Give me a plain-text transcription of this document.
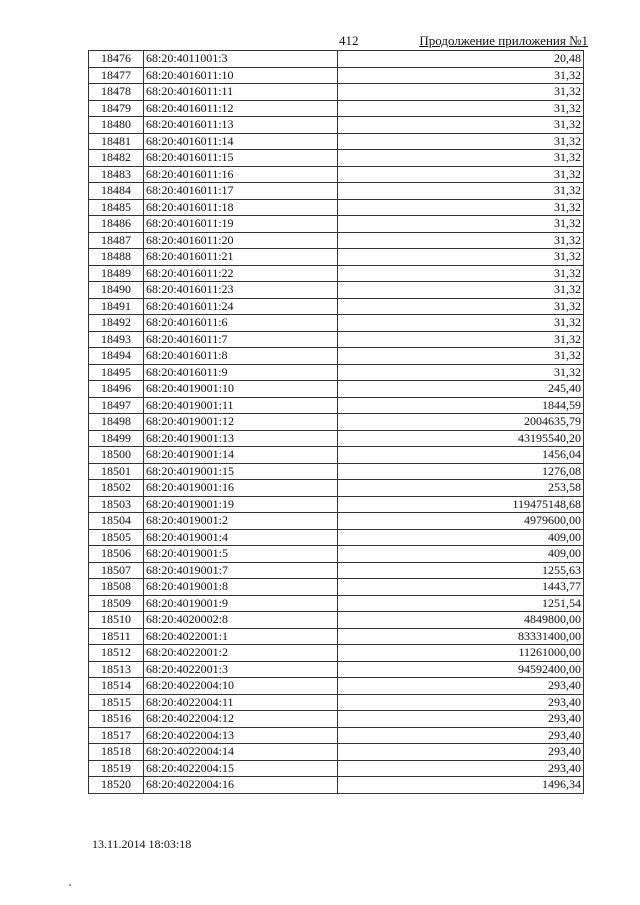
412	Продолжение приложения №1
18476	68:20:4011001:3	20,48
18477	68:20:4016011:10	31,32
18478	68:20:4016011:11	31,32
18479	68:20:4016011:12	31,32
18480	68:20:4016011:13	31,32
18481	68:20:4016011:14	31,32
18482	68:20:4016011:15	31,32
18483	68:20:4016011:16	31,32
18484	68:20:4016011:17	31,32
18485	68:20:4016011:18	31,32
18486	68:20:4016011:19	31,32
18487	68:20:4016011:20	31,32
18488	68:20:4016011:21	31,32
18489	68:20:4016011:22	31,32
18490	68:20:4016011:23	31,32
18491	68:20:4016011:24	31,32
18492	68:20:4016011:6	31,32
18493	68:20:4016011:7	31,32
18494	68:20:4016011:8	31,32
18495	68:20:4016011:9	31,32
18496	68:20:4019001:10	245,40
18497	68:20:4019001:11	1844,59
18498	68:20:4019001:12	2004635,79
18499	68:20:4019001:13	43195540,20
18500	68:20:4019001:14	1456,04
18501	68:20:4019001:15	1276,08
18502	68:20:4019001:16	253,58
18503	68:20:4019001:19	119475148,68
18504	68:20:4019001:2	4979600,00
18505	68:20:4019001:4	409,00
18506	68:20:4019001:5	409,00
18507	68:20:4019001:7	1255,63
18508	68:20:4019001:8	1443,77
18509	68:20:4019001:9	1251,54
18510	68:20:4020002:8	4849800,00
18511	68:20:4022001:1	83331400,00
18512	68:20:4022001:2	11261000,00
18513	68:20:4022001:3	94592400,00
18514	68:20:4022004:10	293,40
18515	68:20:4022004:11	293,40
18516	68:20:4022004:12	293,40
18517	68:20:4022004:13	293,40
18518	68:20:4022004:14	293,40
18519	68:20:4022004:15	293,40
18520	68:20:4022004:16	1496,34
13.11.2014 18:03:18
